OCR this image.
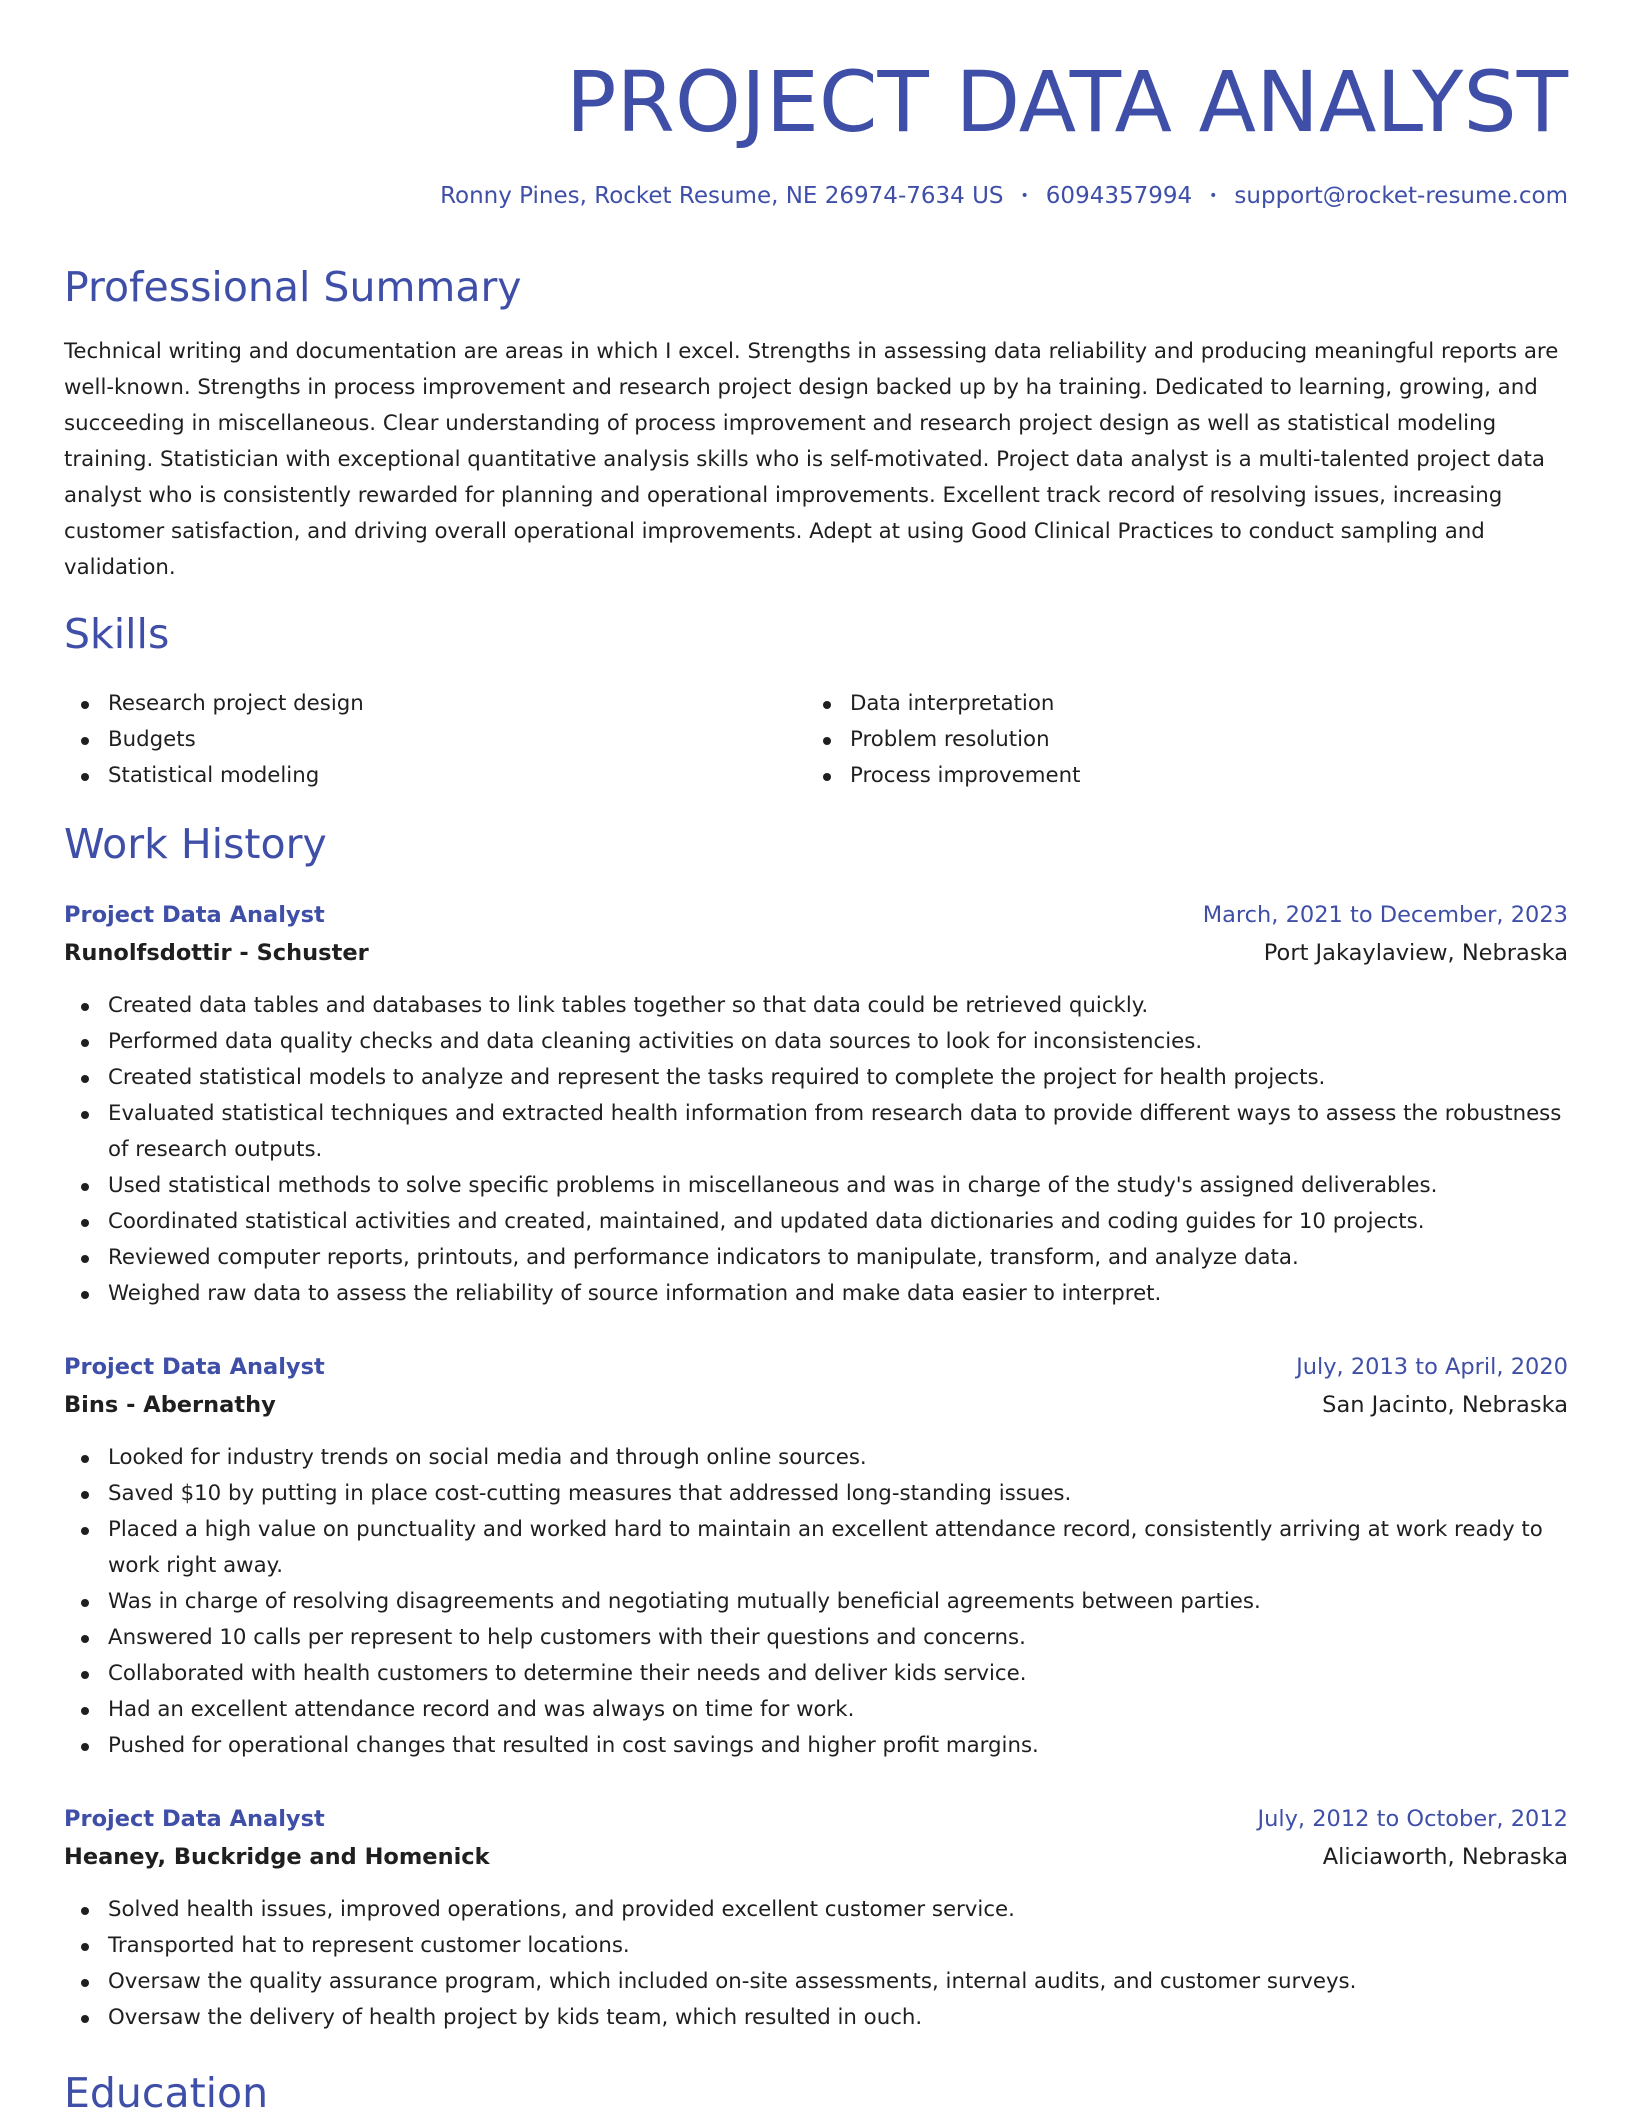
PROJECT DATA ANALYST
Ronny Pines, Rocket Resume, NE 26974-7634 US • 6094357994 • support@rocket-resume.com
Professional Summary

Technical writing and documentation are areas in which I excel. Strengths in assessing data reliability and producing meaningful reports are well-known. Strengths in process improvement and research project design backed up by ha training. Dedicated to learning, growing, and succeeding in miscellaneous. Clear understanding of process improvement and research project design as well as statistical modeling training. Statistician with exceptional quantitative analysis skills who is self-motivated. Project data analyst is a multi-talented project data analyst who is consistently rewarded for planning and operational improvements. Excellent track record of resolving issues, increasing customer satisfaction, and driving overall operational improvements. Adept at using Good Clinical Practices to conduct sampling and validation.

Skills
Research project design
Budgets
Statistical modeling
Data interpretation
Problem resolution
Process improvement
Work History
Project Data Analyst	March, 2021 to December, 2023
Runolfsdottir - Schuster	Port Jakaylaview, Nebraska
Created data tables and databases to link tables together so that data could be retrieved quickly.
Performed data quality checks and data cleaning activities on data sources to look for inconsistencies.
Created statistical models to analyze and represent the tasks required to complete the project for health projects.
Evaluated statistical techniques and extracted health information from research data to provide different ways to assess the robustness of research outputs.
Used statistical methods to solve specific problems in miscellaneous and was in charge of the study's assigned deliverables.
Coordinated statistical activities and created, maintained, and updated data dictionaries and coding guides for 10 projects.
Reviewed computer reports, printouts, and performance indicators to manipulate, transform, and analyze data.
Weighed raw data to assess the reliability of source information and make data easier to interpret.
Project Data Analyst	July, 2013 to April, 2020
Bins - Abernathy	San Jacinto, Nebraska
Looked for industry trends on social media and through online sources.
Saved $10 by putting in place cost-cutting measures that addressed long-standing issues.
Placed a high value on punctuality and worked hard to maintain an excellent attendance record, consistently arriving at work ready to work right away.
Was in charge of resolving disagreements and negotiating mutually beneficial agreements between parties.
Answered 10 calls per represent to help customers with their questions and concerns.
Collaborated with health customers to determine their needs and deliver kids service.
Had an excellent attendance record and was always on time for work.
Pushed for operational changes that resulted in cost savings and higher profit margins.
Project Data Analyst	July, 2012 to October, 2012
Heaney, Buckridge and Homenick	Aliciaworth, Nebraska
Solved health issues, improved operations, and provided excellent customer service.
Transported hat to represent customer locations.
Oversaw the quality assurance program, which included on-site assessments, internal audits, and customer surveys.
Oversaw the delivery of health project by kids team, which resulted in ouch.
Education
